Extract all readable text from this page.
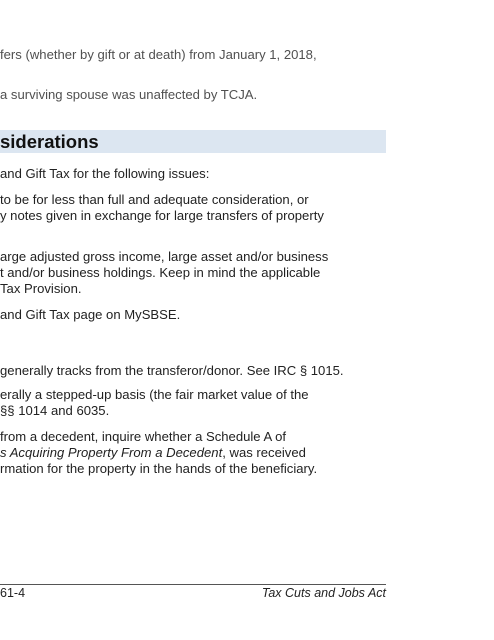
fers (whether by gift or at death) from January 1, 2018,
a surviving spouse was unaffected by TCJA.
siderations
and Gift Tax for the following issues:
to be for less than full and adequate consideration, or
y notes given in exchange for large transfers of property
arge adjusted gross income, large asset and/or business
t and/or business holdings. Keep in mind the applicable
Tax Provision.
and Gift Tax page on MySBSE.
generally tracks from the transferor/donor. See IRC § 1015.
erally a stepped-up basis (the fair market value of the
§§ 1014 and 6035.
from a decedent, inquire whether a Schedule A of
s Acquiring Property From a Decedent, was received
rmation for the property in the hands of the beneficiary.
61-4	Tax Cuts and Jobs Act
